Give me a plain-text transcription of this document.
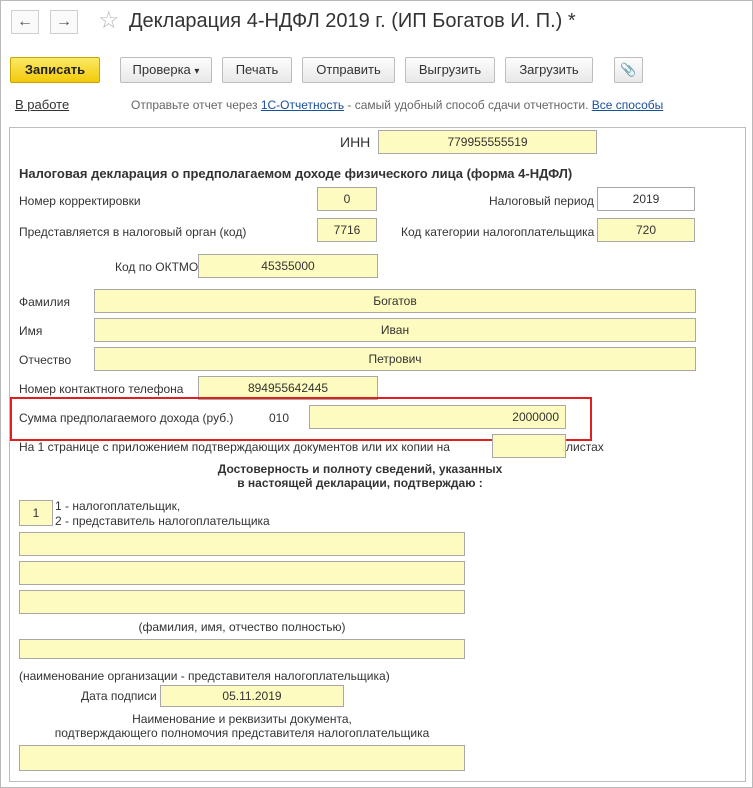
←	→ ☆ Декларация 4-НДФЛ 2019 г. (ИП Богатов И. П.) *
Записать	Проверка ▾	Печать	Отправить	Выгрузить	Загрузить	📎
В работе	Отправьте отчет через 1С-Отчетность - самый удобный способ сдачи отчетности. Все способы
ИНН	779955555519
Налоговая декларация о предполагаемом доходе физического лица (форма 4-НДФЛ)
Номер корректировки	0	Налоговый период	2019
Представляется в налоговый орган (код)	7716	Код категории налогоплательщика	720
Код по ОКТМО	45355000
Фамилия	Богатов
Имя	Иван
Отчество	Петрович
Номер контактного телефона	894955642445
Сумма предполагаемого дохода (руб.)	010	2000000
На 1 странице с приложением подтверждающих документов или их копии на	листах
Достоверность и полноту сведений, указанных
в настоящей декларации, подтверждаю :
1	1 - налогоплательщик,
2 - представитель налогоплательщика
(фамилия, имя, отчество полностью)
(наименование организации - представителя налогоплательщика)
Дата подписи	05.11.2019
Наименование и реквизиты документа,
подтверждающего полномочия представителя налогоплательщика
